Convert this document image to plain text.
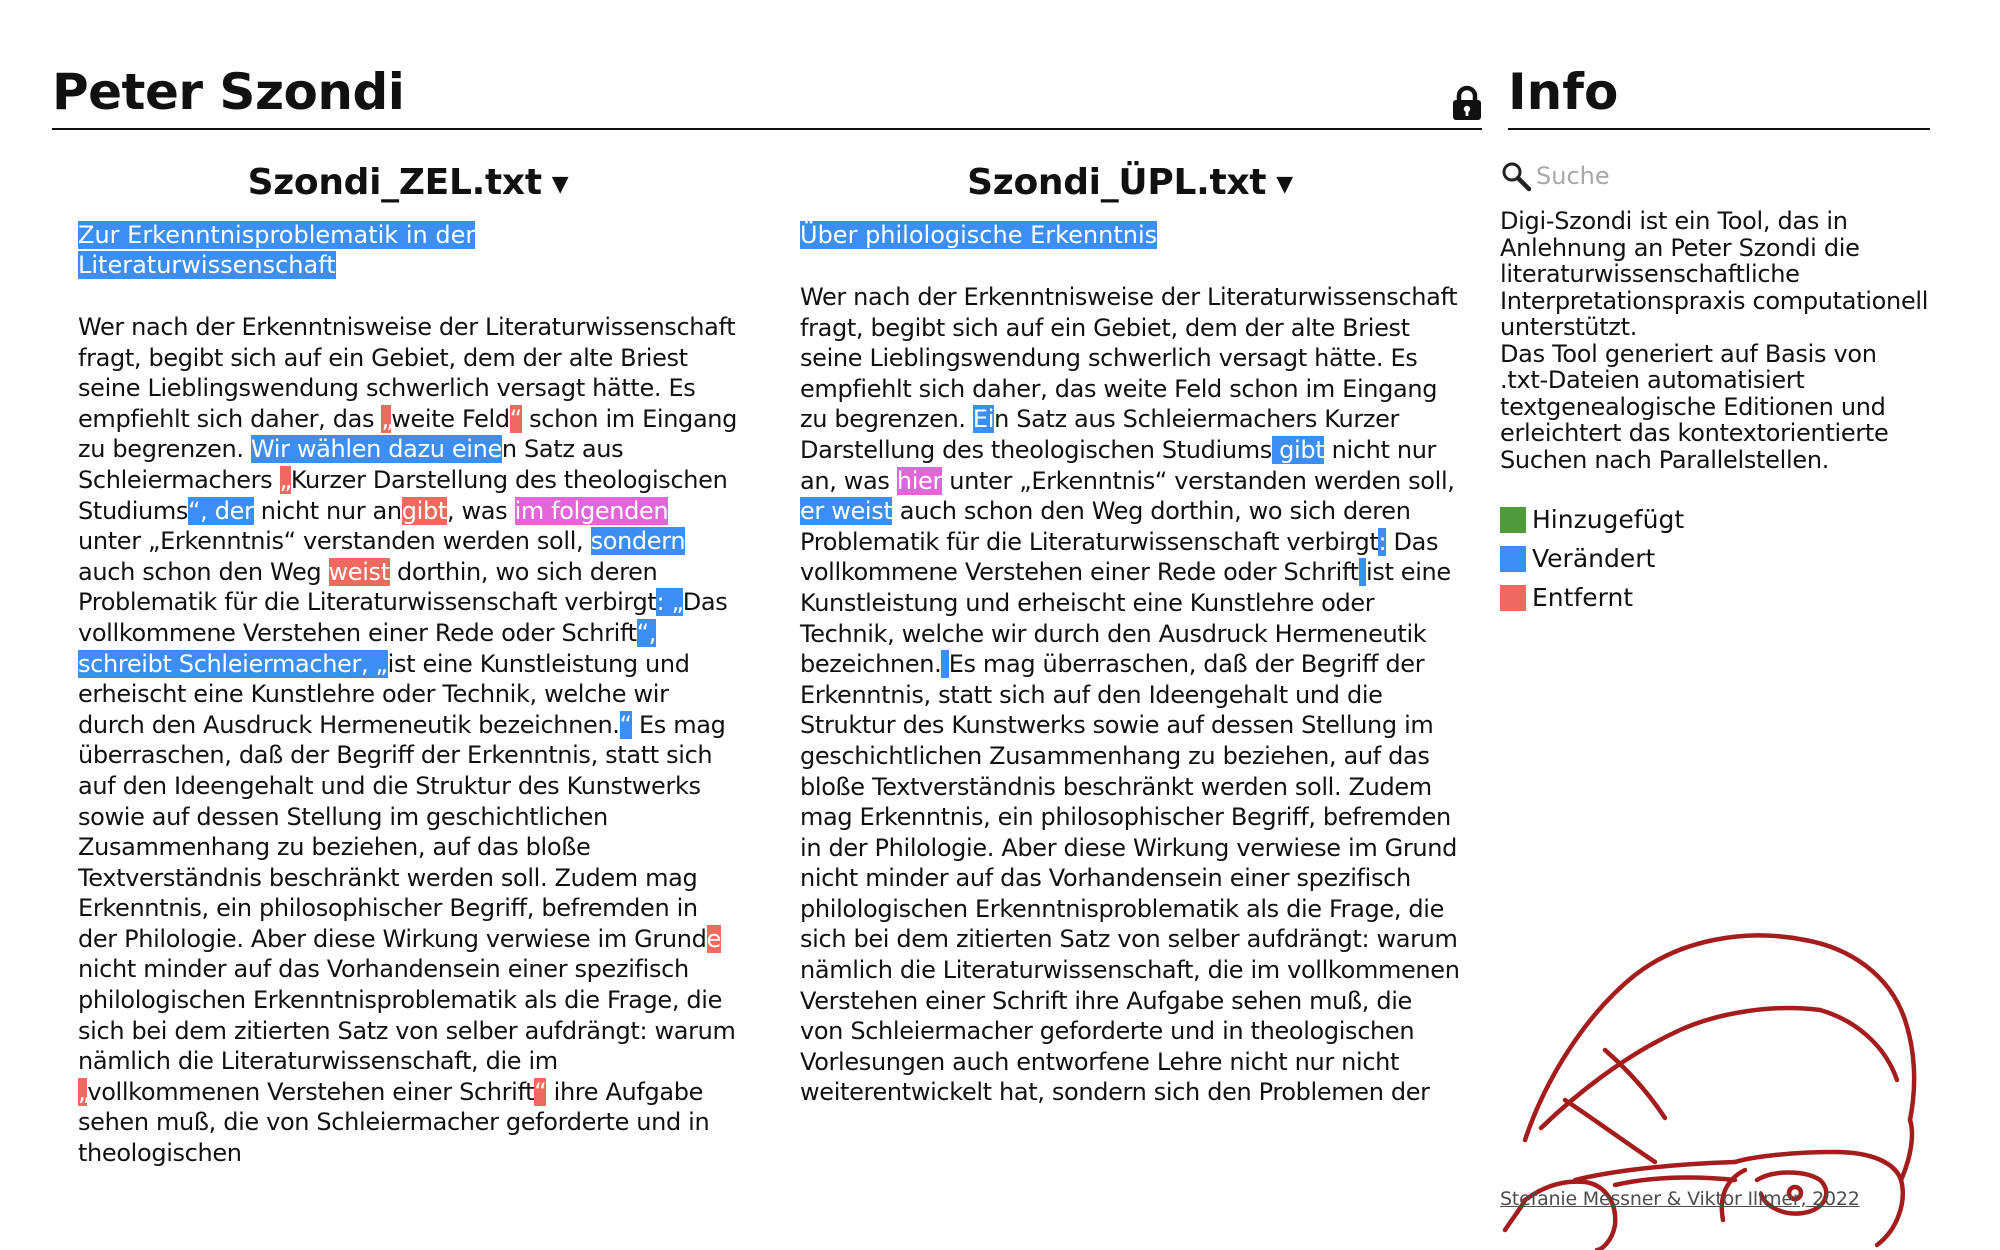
Peter Szondi	Info
Szondi_ZEL.txt ▼
Zur Erkenntnisproblematik in der Literaturwissenschaft
Wer nach der Erkenntnisweise der Literaturwissenschaft fragt, begibt sich auf ein Gebiet, dem der alte Briest seine Lieblingswendung schwerlich versagt hätte. Es empfiehlt sich daher, das „weite Feld“ schon im Eingang zu begrenzen. Wir wählen dazu einen Satz aus Schleiermachers „Kurzer Darstellung des theologischen Studiums“, der nicht nur angibt, was im folgenden unter „Erkenntnis“ verstanden werden soll, sondern auch schon den Weg weist dorthin, wo sich deren Problematik für die Literaturwissenschaft verbirgt: „Das vollkommene Verstehen einer Rede oder Schrift“, schreibt Schleiermacher, „ist eine Kunstleistung und erheischt eine Kunstlehre oder Technik, welche wir durch den Ausdruck Hermeneutik bezeichnen.“ Es mag überraschen, daß der Begriff der Erkenntnis, statt sich auf den Ideengehalt und die Struktur des Kunstwerks sowie auf dessen Stellung im geschichtlichen Zusammenhang zu beziehen, auf das bloße Textverständnis beschränkt werden soll. Zudem mag Erkenntnis, ein philosophischer Begriff, befremden in der Philologie. Aber diese Wirkung verwiese im Grunde nicht minder auf das Vorhandensein einer spezifisch philologischen Erkenntnisproblematik als die Frage, die sich bei dem zitierten Satz von selber aufdrängt: warum nämlich die Literaturwissenschaft, die im „vollkommenen Verstehen einer Schrift“ ihre Aufgabe sehen muß, die von Schleiermacher geforderte und in theologischen
Szondi_ÜPL.txt ▼
Über philologische Erkenntnis
Wer nach der Erkenntnisweise der Literaturwissenschaft fragt, begibt sich auf ein Gebiet, dem der alte Briest seine Lieblingswendung schwerlich versagt hätte. Es empfiehlt sich daher, das weite Feld schon im Eingang zu begrenzen. Ein Satz aus Schleiermachers Kurzer Darstellung des theologischen Studiums gibt nicht nur an, was hier unter „Erkenntnis“ verstanden werden soll, er weist auch schon den Weg dorthin, wo sich deren Problematik für die Literaturwissenschaft verbirgt: Das vollkommene Verstehen einer Rede oder Schrift ist eine Kunstleistung und erheischt eine Kunstlehre oder Technik, welche wir durch den Ausdruck Hermeneutik bezeichnen. Es mag überraschen, daß der Begriff der Erkenntnis, statt sich auf den Ideengehalt und die Struktur des Kunstwerks sowie auf dessen Stellung im geschichtlichen Zusammenhang zu beziehen, auf das bloße Textverständnis beschränkt werden soll. Zudem mag Erkenntnis, ein philosophischer Begriff, befremden in der Philologie. Aber diese Wirkung verwiese im Grund nicht minder auf das Vorhandensein einer spezifisch philologischen Erkenntnisproblematik als die Frage, die sich bei dem zitierten Satz von selber aufdrängt: warum nämlich die Literaturwissenschaft, die im vollkommenen Verstehen einer Schrift ihre Aufgabe sehen muß, die von Schleiermacher geforderte und in theologischen Vorlesungen auch entworfene Lehre nicht nur nicht weiterentwickelt hat, sondern sich den Problemen der
Suche

Digi-Szondi ist ein Tool, das in Anlehnung an Peter Szondi die literaturwissenschaftliche Interpretationspraxis computationell unterstützt.

Das Tool generiert auf Basis von .txt-Dateien automatisiert textgenealogische Editionen und erleichtert das kontextorientierte Suchen nach Parallelstellen.

Hinzugefügt
Verändert
Entfernt
Stefanie Messner & Viktor Illmer, 2022
